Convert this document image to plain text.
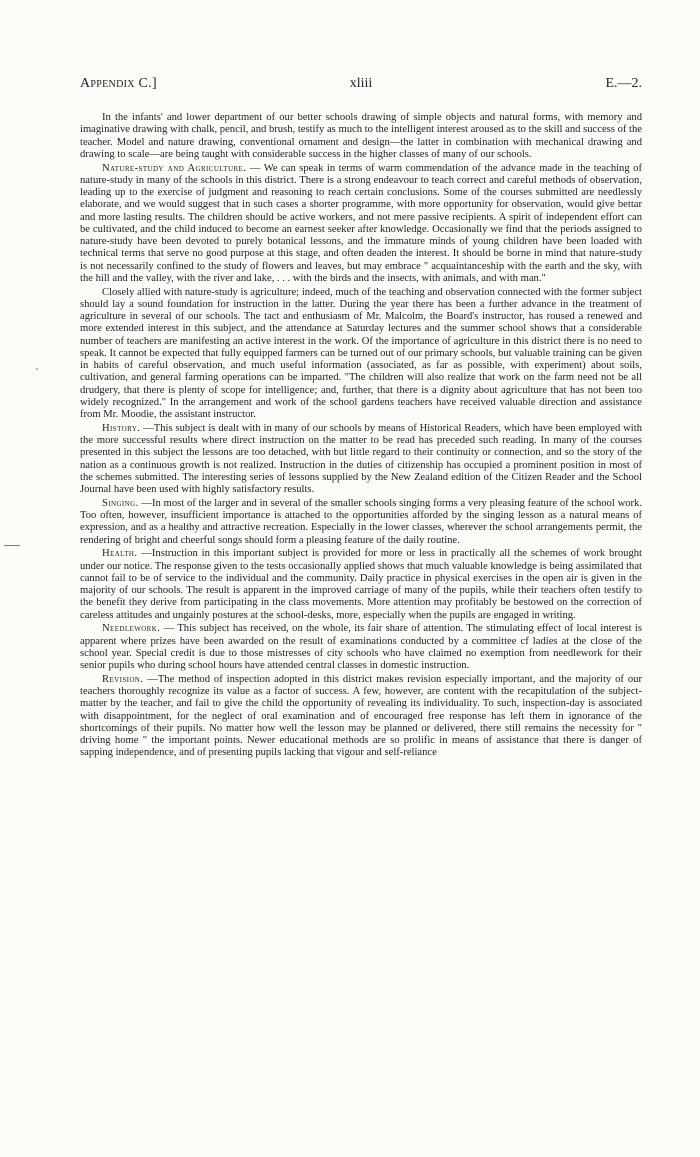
Appendix C.]	xliii	E.—2.
'

In the infants' and lower department of our better schools drawing of simple objects and natural forms, with memory and imaginative drawing with chalk, pencil, and brush, testify as much to the intelligent interest aroused as to the skill and success of the teacher. Model and nature drawing, conventional ornament and design—the latter in combination with mechanical drawing and drawing to scale—are being taught with considerable success in the higher classes of many of our schools.

Nature-study and Agriculture. — We can speak in terms of warm commendation of the advance made in the teaching of nature-study in many of the schools in this district. There is a strong endeavour to teach correct and careful methods of observation, leading up to the exercise of judgment and reasoning to reach certain conclusions. Some of the courses submitted are needlessly elaborate, and we would suggest that in such cases a shorter programme, with more opportunity for observation, would give bettar and more lasting results. The children should be active workers, and not mere passive recipients. A spirit of independent effort can be cultivated, and the child induced to become an earnest seeker after knowledge. Occasionally we find that the periods assigned to nature-study have been devoted to purely botanical lessons, and the immature minds of young children have been loaded with technical terms that serve no good purpose at this stage, and often deaden the interest. It should be borne in mind that nature-study is not necessarily confined to the study of flowers and leaves, but may embrace " acquaintanceship with the earth and the sky, with the hill and the valley, with the river and lake, . . . with the birds and the insects, with animals, and with man."

Closely allied with nature-study is agriculture; indeed, much of the teaching and observation connected with the former subject should lay a sound foundation for instruction in the latter. During the year there has been a further advance in the treatment of agriculture in several of our schools. The tact and enthusiasm of Mr. Malcolm, the Board's instructor, has roused a renewed and more extended interest in this subject, and the attendance at Saturday lectures and the summer school shows that a considerable number of teachers are manifesting an active interest in the work. Of the importance of agriculture in this district there is no need to speak. It cannot be expected that fully equipped farmers can be turned out of our primary schools, but valuable training can be given in habits of careful observation, and much useful information (associated, as far as possible, with experiment) about soils, cultivation, and general farming operations can be imparted. "The children will also realize that work on the farm need not be all drudgery, that there is plenty of scope for intelligence; and, further, that there is a dignity about agriculture that has not been too widely recognized." In the arrangement and work of the school gardens teachers have received valuable direction and assistance from Mr. Moodie, the assistant instructor.

History. —This subject is dealt with in many of our schools by means of Historical Readers, which have been employed with the more successful results where direct instruction on the matter to be read has preceded such reading. In many of the courses presented in this subject the lessons are too detached, with but little regard to their continuity or connection, and so the story of the nation as a continuous growth is not realized. Instruction in the duties of citizenship has occupied a prominent position in most of the schemes submitted. The interesting series of lessons supplied by the New Zealand edition of the Citizen Reader and the School Journal have been used with highly satisfactory results.

Singing. —In most of the larger and in several of the smaller schools singing forms a very pleasing feature of the school work. Too often, however, insufficient importance is attached to the opportunities afforded by the singing lesson as a natural means of expression, and as a healthy and attractive recreation. Especially in the lower classes, wherever the school arrangements permit, the rendering of bright and cheerful songs should form a pleasing feature of the daily routine.

Health. —Instruction in this important subject is provided for more or less in practically all the schemes of work brought under our notice. The response given to the tests occasionally applied shows that much valuable knowledge is being assimilated that cannot fail to be of service to the individual and the community. Daily practice in physical exercises in the open air is given in the majority of our schools. The result is apparent in the improved carriage of many of the pupils, while their teachers often testify to the benefit they derive from participating in the class movements. More attention may profitably be bestowed on the correction of careless attitudes and ungainly postures at the school-desks, more, especially when the pupils are engaged in writing.

Needlework. — This subject has received, on the whole, its fair share of attention. The stimulating effect of local interest is apparent where prizes have been awarded on the result of examinations conducted by a committee cf ladies at the close of the school year. Special credit is due to those mistresses of city schools who have claimed no exemption from needlework for their senior pupils who during school hours have attended central classes in domestic instruction.

Revision. —The method of inspection adopted in this district makes revision especially important, and the majority of our teachers thoroughly recognize its value as a factor of success. A few, however, are content with the recapitulation of the subject-matter by the teacher, and fail to give the child the opportunity of revealing its individuality. To such, inspection-day is associated with disappointment, for the neglect of oral examination and of encouraged free response has left them in ignorance of the shortcomings of their pupils. No matter how well the lesson may be planned or delivered, there still remains the necessity for " driving home " the important points. Newer educational methods are so prolific in means of assistance that there is danger of sapping independence, and of presenting pupils lacking that vigour and self-reliance
